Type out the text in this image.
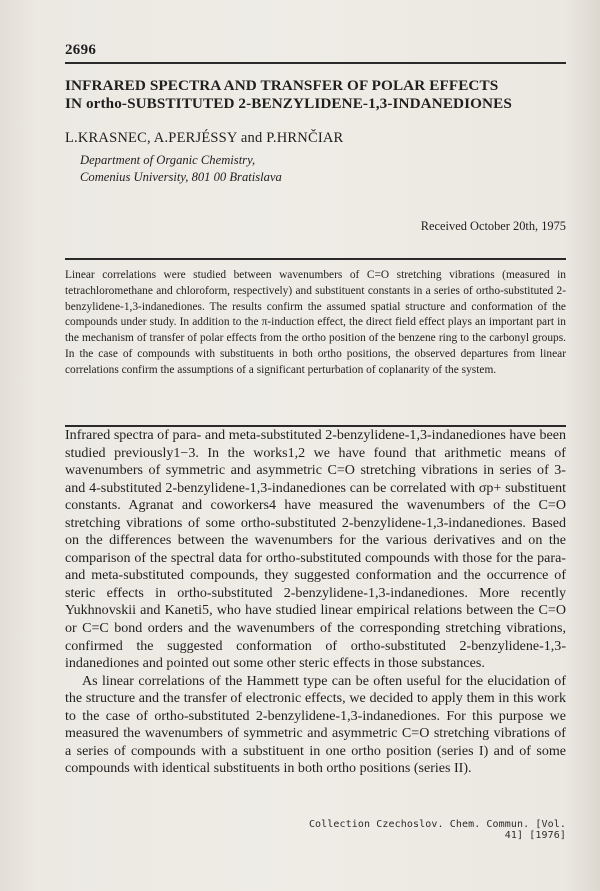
2696
INFRARED SPECTRA AND TRANSFER OF POLAR EFFECTS
IN ortho-SUBSTITUTED 2-BENZYLIDENE-1,3-INDANEDIONES
L.KRASNEC, A.PERJÉSSY and P.HRNČIAR
Department of Organic Chemistry,
Comenius University, 801 00 Bratislava
Received October 20th, 1975
Linear correlations were studied between wavenumbers of C=O stretching vibrations (measured in tetrachloromethane and chloroform, respectively) and substituent constants in a series of ortho-substituted 2-benzylidene-1,3-indanediones. The results confirm the assumed spatial structure and conformation of the compounds under study. In addition to the π-induction effect, the direct field effect plays an important part in the mechanism of transfer of polar effects from the ortho position of the benzene ring to the carbonyl groups. In the case of compounds with substituents in both ortho positions, the observed departures from linear correlations confirm the assumptions of a significant perturbation of coplanarity of the system.

Infrared spectra of para- and meta-substituted 2-benzylidene-1,3-indanediones have been studied previously1−3. In the works1,2 we have found that arithmetic means of wavenumbers of symmetric and asymmetric C=O stretching vibrations in series of 3- and 4-substituted 2-benzylidene-1,3-indanediones can be correlated with σp+ substituent constants. Agranat and coworkers4 have measured the wavenumbers of the C=O stretching vibrations of some ortho-substituted 2-benzylidene-1,3-indanediones. Based on the differences between the wavenumbers for the various derivatives and on the comparison of the spectral data for ortho-substituted compounds with those for the para- and meta-substituted compounds, they suggested conformation and the occurrence of steric effects in ortho-substituted 2-benzylidene-1,3-indanediones. More recently Yukhnovskii and Kaneti5, who have studied linear empirical relations between the C=O or C=C bond orders and the wavenumbers of the corresponding stretching vibrations, confirmed the suggested conformation of ortho-substituted 2-benzylidene-1,3-indanediones and pointed out some other steric effects in those substances.

As linear correlations of the Hammett type can be often useful for the elucidation of the structure and the transfer of electronic effects, we decided to apply them in this work to the case of ortho-substituted 2-benzylidene-1,3-indanediones. For this purpose we measured the wavenumbers of symmetric and asymmetric C=O stretching vibrations of a series of compounds with a substituent in one ortho position (series I) and of some compounds with identical substituents in both ortho positions (series II).

Collection Czechoslov. Chem. Commun. [Vol. 41] [1976]
